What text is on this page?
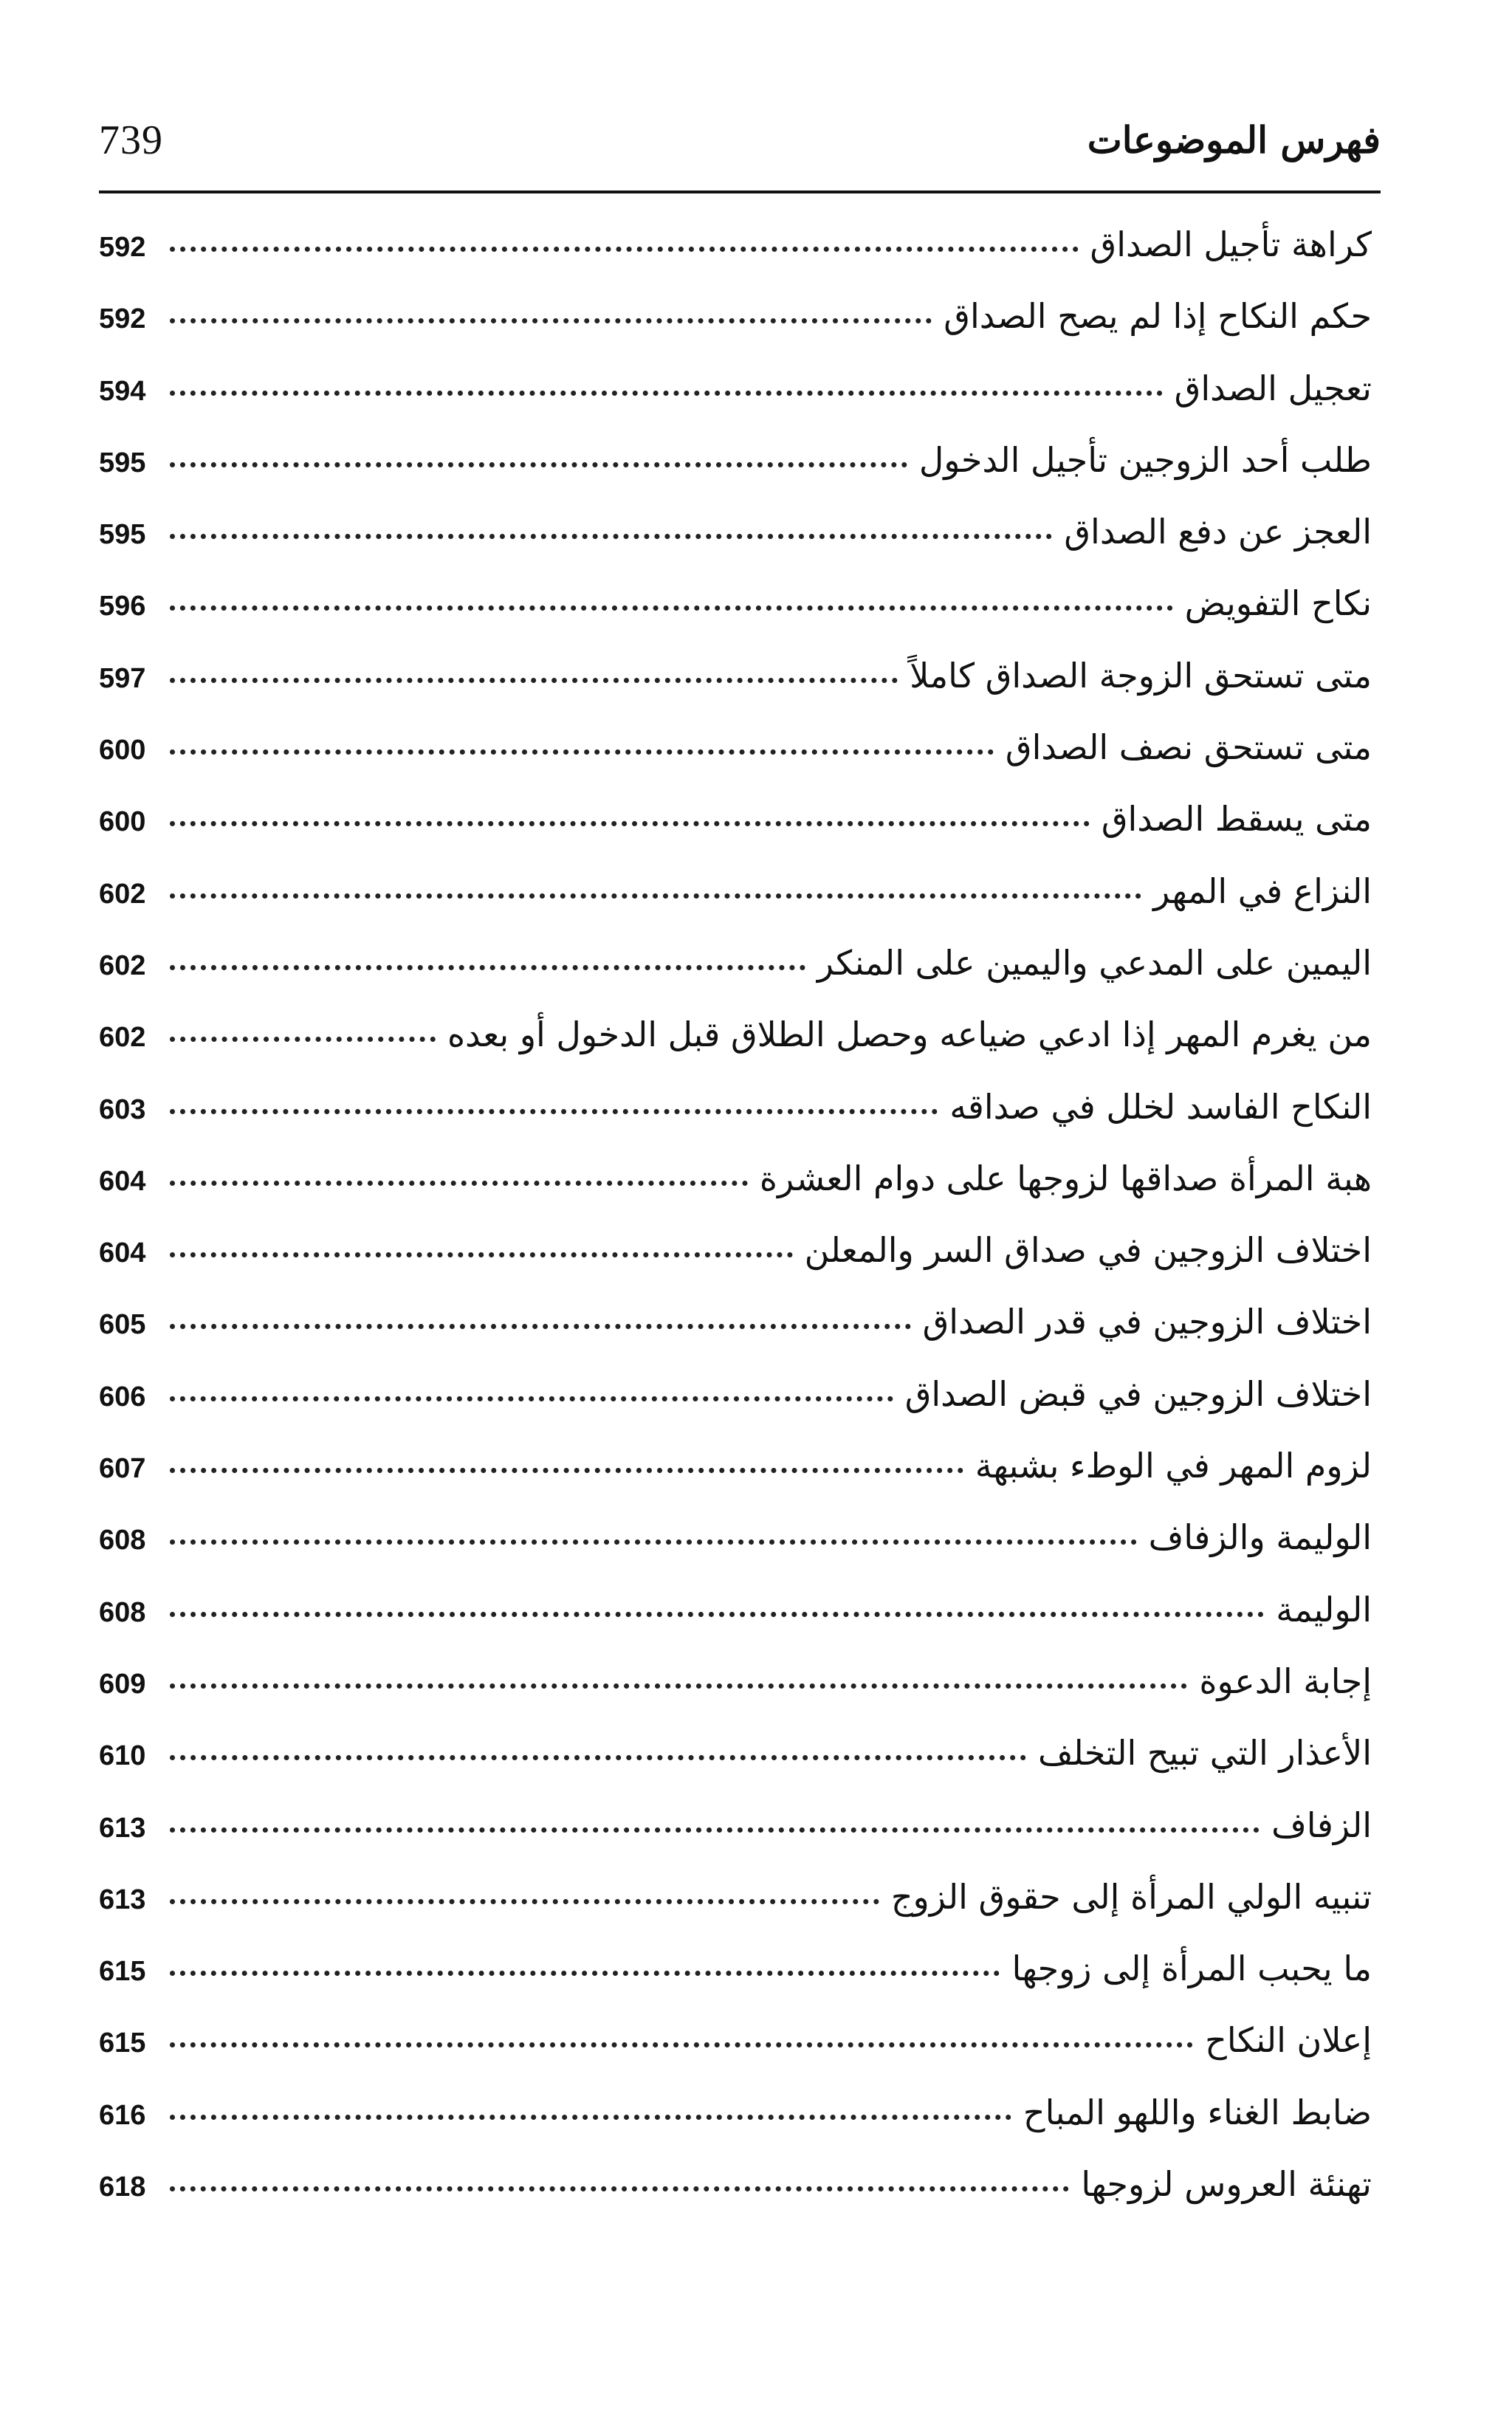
739	فهرس الموضوعات
كراهة تأجيل الصداق
592
حكم النكاح إذا لم يصح الصداق
592
تعجيل الصداق
594
طلب أحد الزوجين تأجيل الدخول
595
العجز عن دفع الصداق
595
نكاح التفويض
596
متى تستحق الزوجة الصداق كاملاً
597
متى تستحق نصف الصداق
600
متى يسقط الصداق
600
النزاع في المهر
602
اليمين على المدعي واليمين على المنكر
602
من يغرم المهر إذا ادعي ضياعه وحصل الطلاق قبل الدخول أو بعده
602
النكاح الفاسد لخلل في صداقه
603
هبة المرأة صداقها لزوجها على دوام العشرة
604
اختلاف الزوجين في صداق السر والمعلن
604
اختلاف الزوجين في قدر الصداق
605
اختلاف الزوجين في قبض الصداق
606
لزوم المهر في الوطء بشبهة
607
الوليمة والزفاف
608
الوليمة
608
إجابة الدعوة
609
الأعذار التي تبيح التخلف
610
الزفاف
613
تنبيه الولي المرأة إلى حقوق الزوج
613
ما يحبب المرأة إلى زوجها
615
إعلان النكاح
615
ضابط الغناء واللهو المباح
616
تهنئة العروس لزوجها
618
